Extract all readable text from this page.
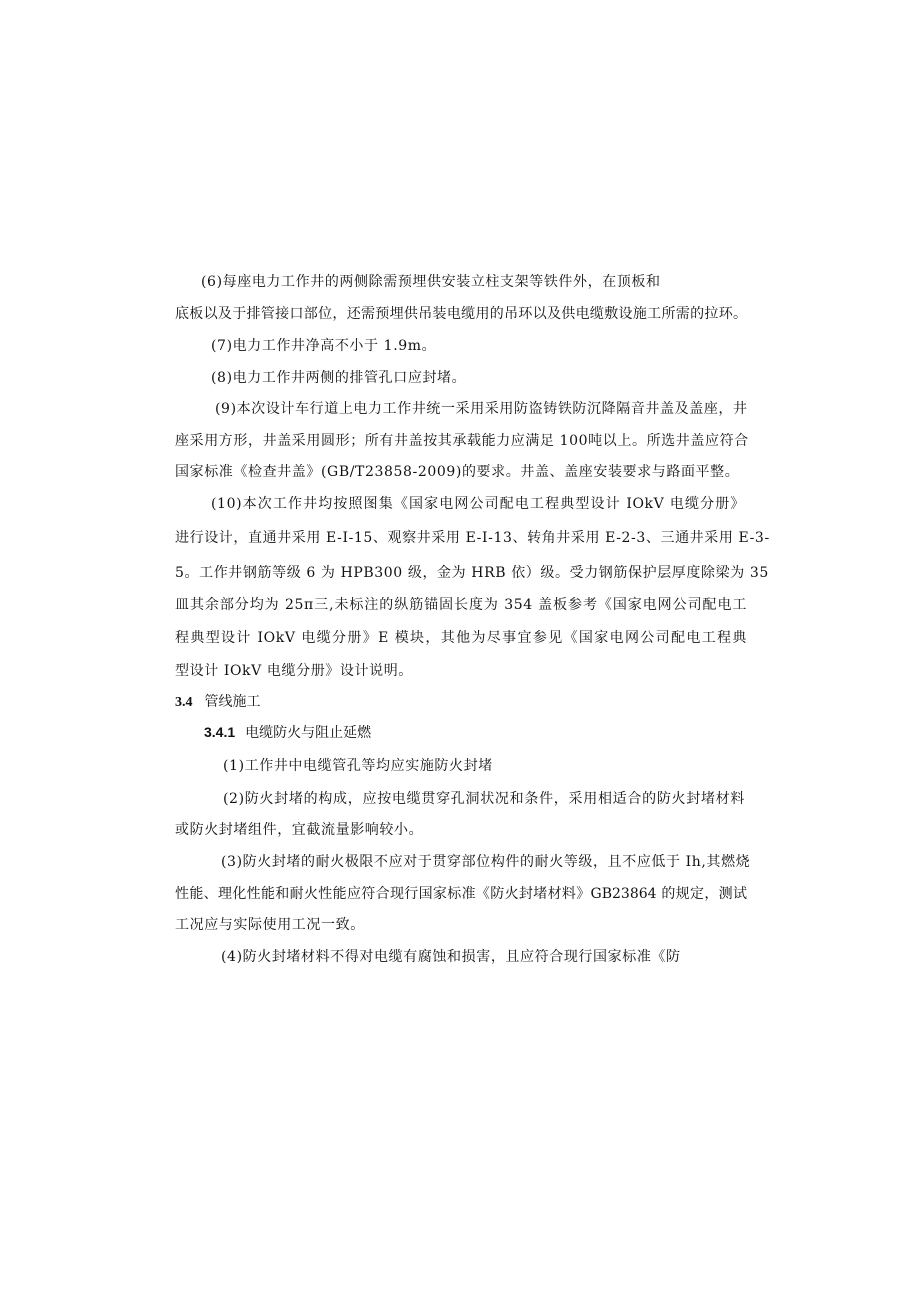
(6)每座电力工作井的两侧除需预埋供安装立柱支架等铁件外，在顶板和
底板以及于排管接口部位，还需预埋供吊装电缆用的吊环以及供电缆敷设施工所需的拉环。
(7)电力工作井净高不小于 1.9m。
(8)电力工作井两侧的排管孔口应封堵。
(9)本次设计车行道上电力工作井统一采用采用防盗铸铁防沉降隔音井盖及盖座，井
座采用方形，井盖采用圆形；所有井盖按其承载能力应满足 100吨以上。所选井盖应符合
国家标准《检查井盖》(GB/T23858-2009)的要求。井盖、盖座安装要求与路面平整。
(10)本次工作井均按照图集《国家电网公司配电工程典型设计 IOkV 电缆分册》
进行设计，直通井采用 E-I-15、观察井采用 E-I-13、转角井采用 E-2-3、三通井采用 E-3-
5。工作井钢筋等级 6 为 HPB300 级，金为 HRB 依）级。受力钢筋保护层厚度除梁为 35
皿其余部分均为 25π三,未标注的纵筋锚固长度为 354 盖板参考《国家电网公司配电工
程典型设计 IOkV 电缆分册》E 模块，其他为尽事宜参见《国家电网公司配电工程典
型设计 IOkV 电缆分册》设计说明。
3.4 管线施工
3.4.1 电缆防火与阻止延燃
(1)工作井中电缆管孔等均应实施防火封堵
(2)防火封堵的构成，应按电缆贯穿孔洞状况和条件，采用相适合的防火封堵材料
或防火封堵组件，宜截流量影响较小。
(3)防火封堵的耐火极限不应对于贯穿部位构件的耐火等级，且不应低于 Ih,其燃烧
性能、理化性能和耐火性能应符合现行国家标准《防火封堵材料》GB23864 的规定，测试
工况应与实际使用工况一致。
(4)防火封堵材料不得对电缆有腐蚀和损害，且应符合现行国家标准《防
